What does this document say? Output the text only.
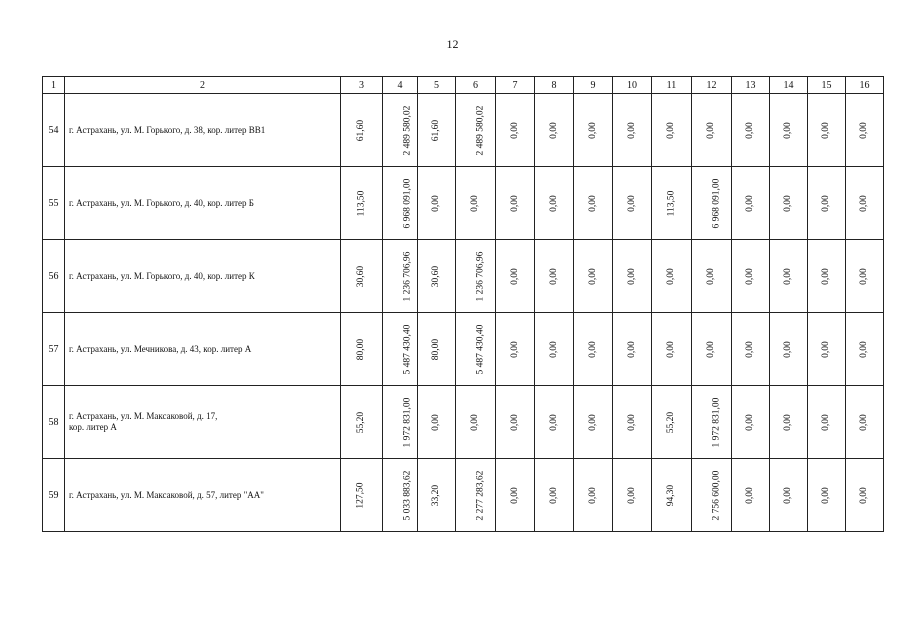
12
1	2	3	4	5	6	7	8	9	10	11	12	13	14	15	16
54	г. Астрахань, ул. М. Горького, д. 38, кор. литер ВВ1	61,60	2 489 580,02	61,60	2 489 580,02	0,00	0,00	0,00	0,00	0,00	0,00	0,00	0,00	0,00	0,00
55	г. Астрахань, ул. М. Горького, д. 40, кор. литер Б	113,50	6 968 091,00	0,00	0,00	0,00	0,00	0,00	0,00	113,50	6 968 091,00	0,00	0,00	0,00	0,00
56	г. Астрахань, ул. М. Горького, д. 40, кор. литер К	30,60	1 236 706,96	30,60	1 236 706,96	0,00	0,00	0,00	0,00	0,00	0,00	0,00	0,00	0,00	0,00
57	г. Астрахань, ул. Мечникова, д. 43, кор. литер А	80,00	5 487 430,40	80,00	5 487 430,40	0,00	0,00	0,00	0,00	0,00	0,00	0,00	0,00	0,00	0,00
58	г. Астрахань, ул. М. Максаковой, д. 17,
кор. литер А	55,20	1 972 831,00	0,00	0,00	0,00	0,00	0,00	0,00	55,20	1 972 831,00	0,00	0,00	0,00	0,00
59	г. Астрахань, ул. М. Максаковой, д. 57, литер "АА"	127,50	5 033 883,62	33,20	2 277 283,62	0,00	0,00	0,00	0,00	94,30	2 756 600,00	0,00	0,00	0,00	0,00
